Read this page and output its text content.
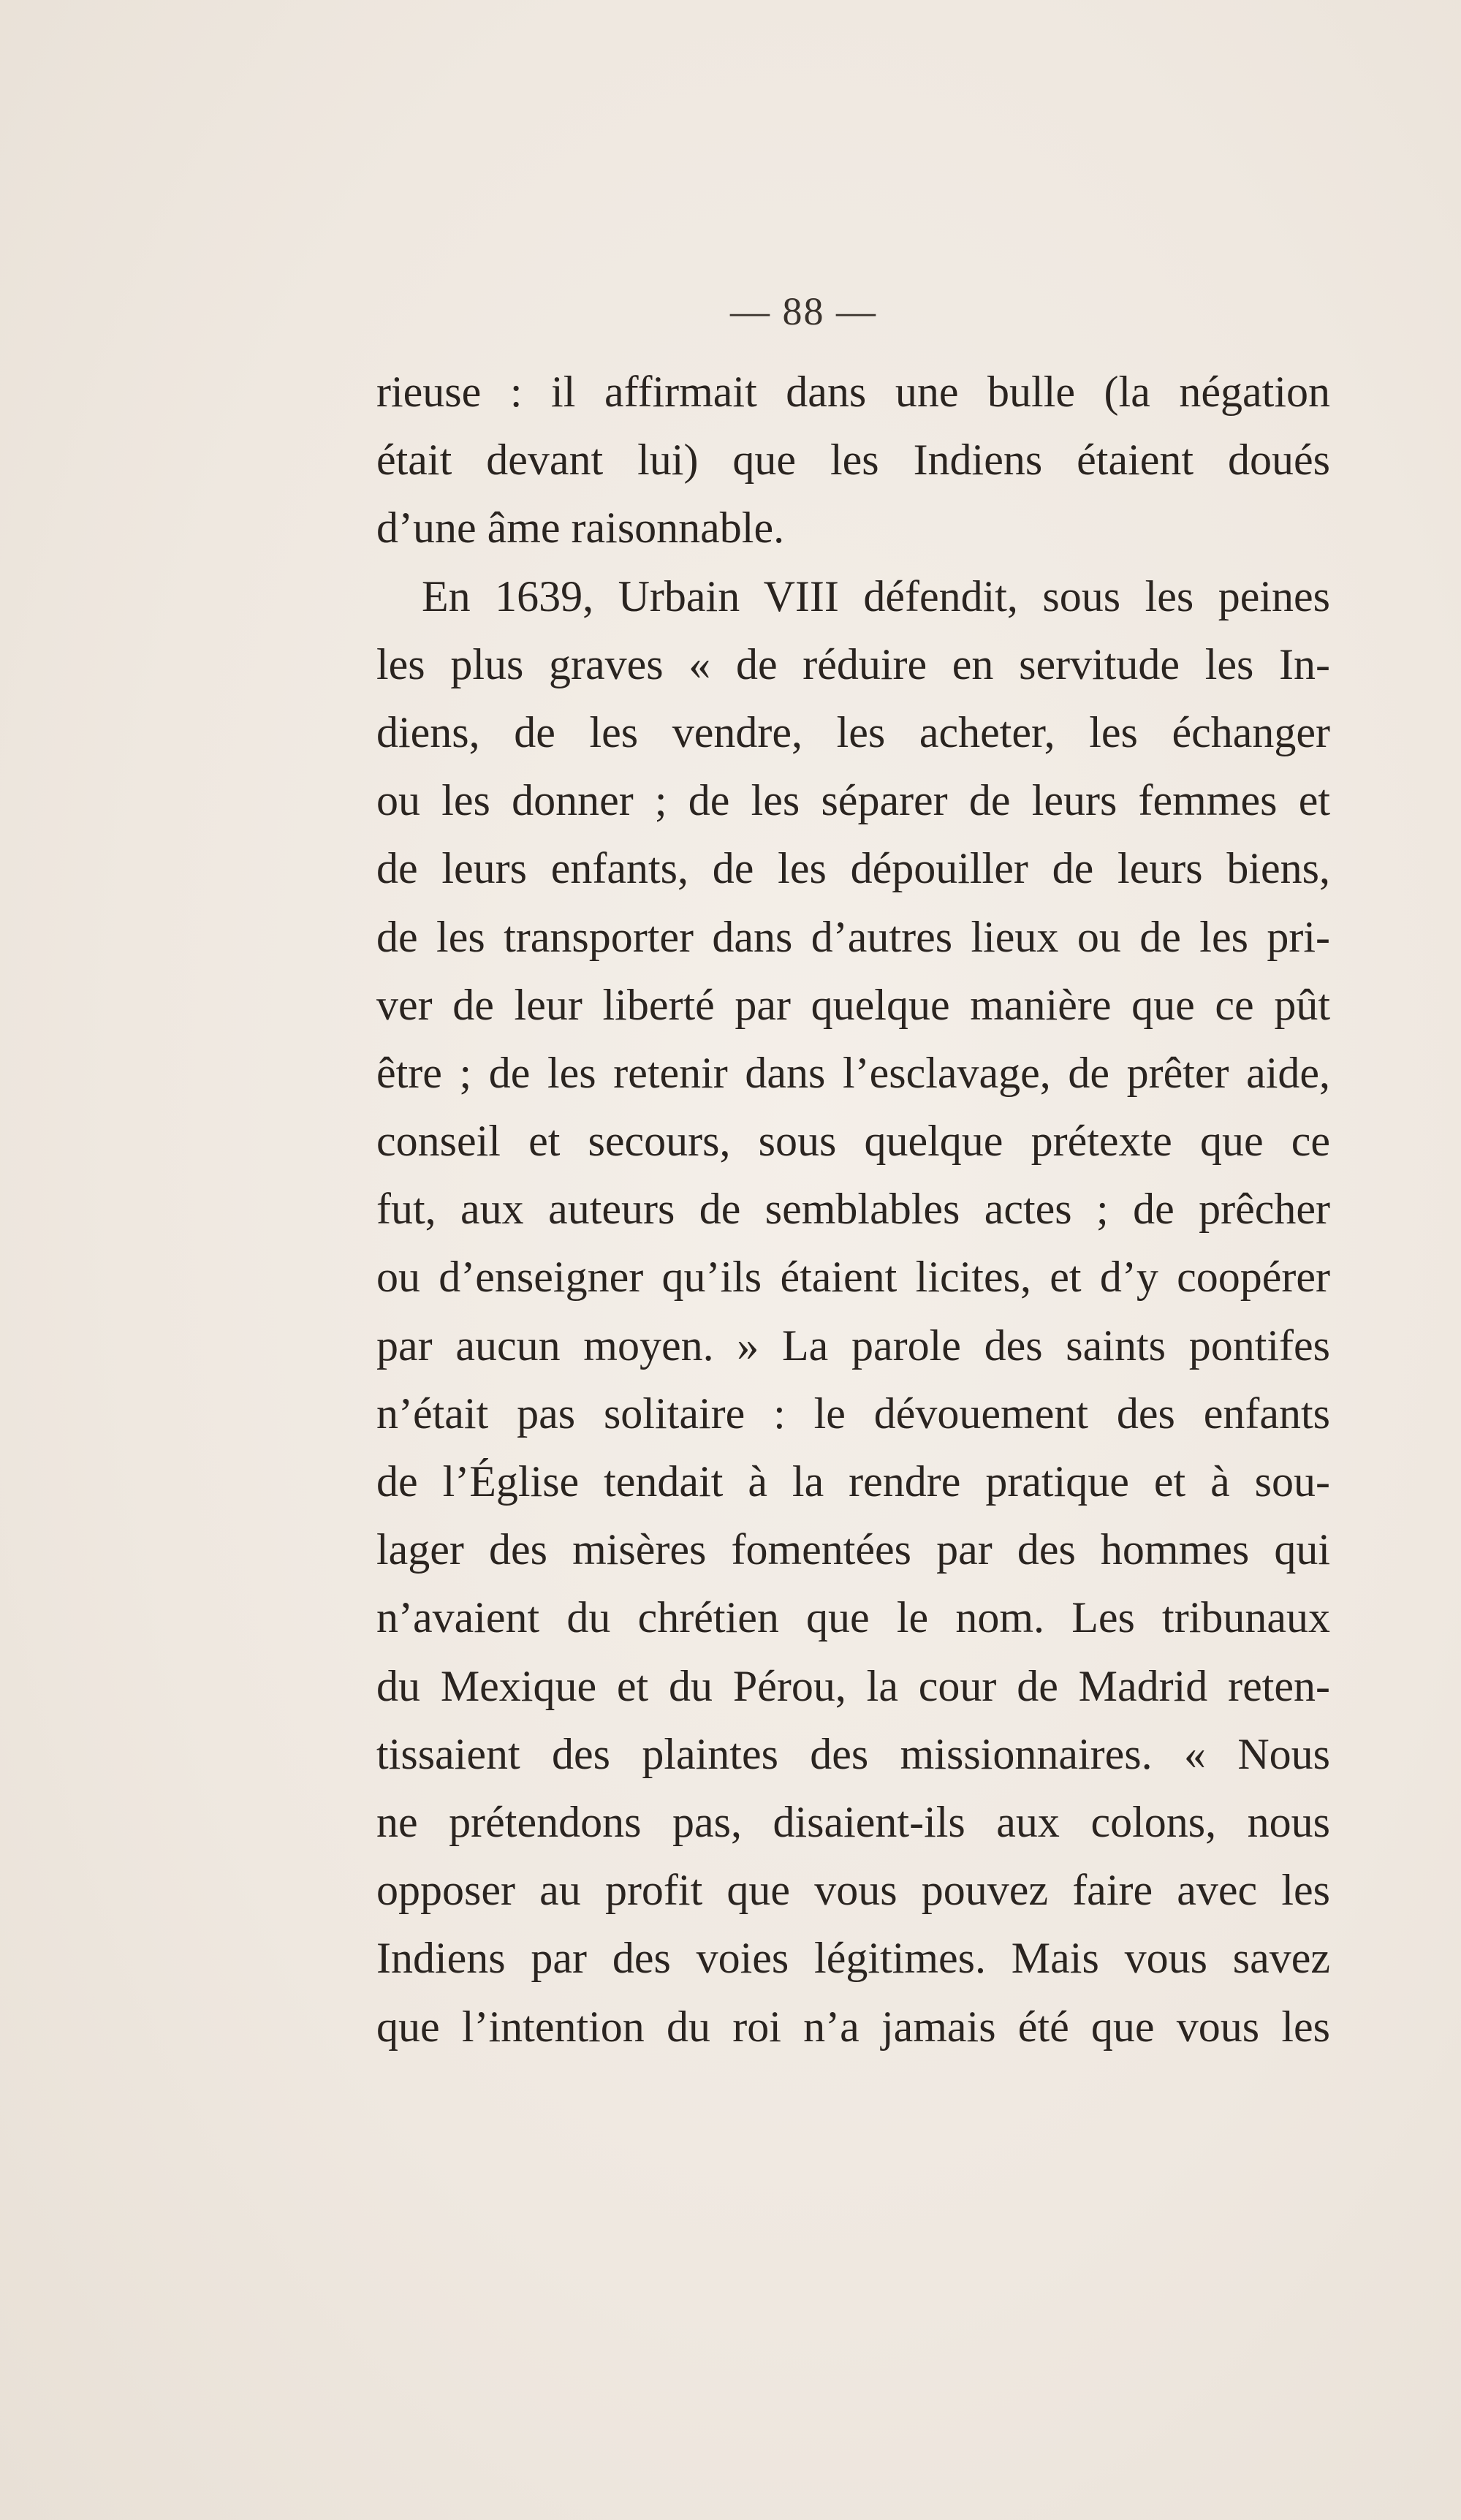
— 88 —
rieuse : il affirmait dans une bulle (la négation
était devant lui) que les Indiens étaient doués
d’une âme raisonnable.
En 1639, Urbain VIII défendit, sous les peines
les plus graves « de réduire en servitude les In-
diens, de les vendre, les acheter, les échanger
ou les donner ; de les séparer de leurs femmes et
de leurs enfants, de les dépouiller de leurs biens,
de les transporter dans d’autres lieux ou de les pri-
ver de leur liberté par quelque manière que ce pût
être ; de les retenir dans l’esclavage, de prêter aide,
conseil et secours, sous quelque prétexte que ce
fut, aux auteurs de semblables actes ; de prêcher
ou d’enseigner qu’ils étaient licites, et d’y coopérer
par aucun moyen. » La parole des saints pontifes
n’était pas solitaire : le dévouement des enfants
de l’Église tendait à la rendre pratique et à sou-
lager des misères fomentées par des hommes qui
n’avaient du chrétien que le nom. Les tribunaux
du Mexique et du Pérou, la cour de Madrid reten-
tissaient des plaintes des missionnaires. « Nous
ne prétendons pas, disaient-ils aux colons, nous
opposer au profit que vous pouvez faire avec les
Indiens par des voies légitimes. Mais vous savez
que l’intention du roi n’a jamais été que vous les
